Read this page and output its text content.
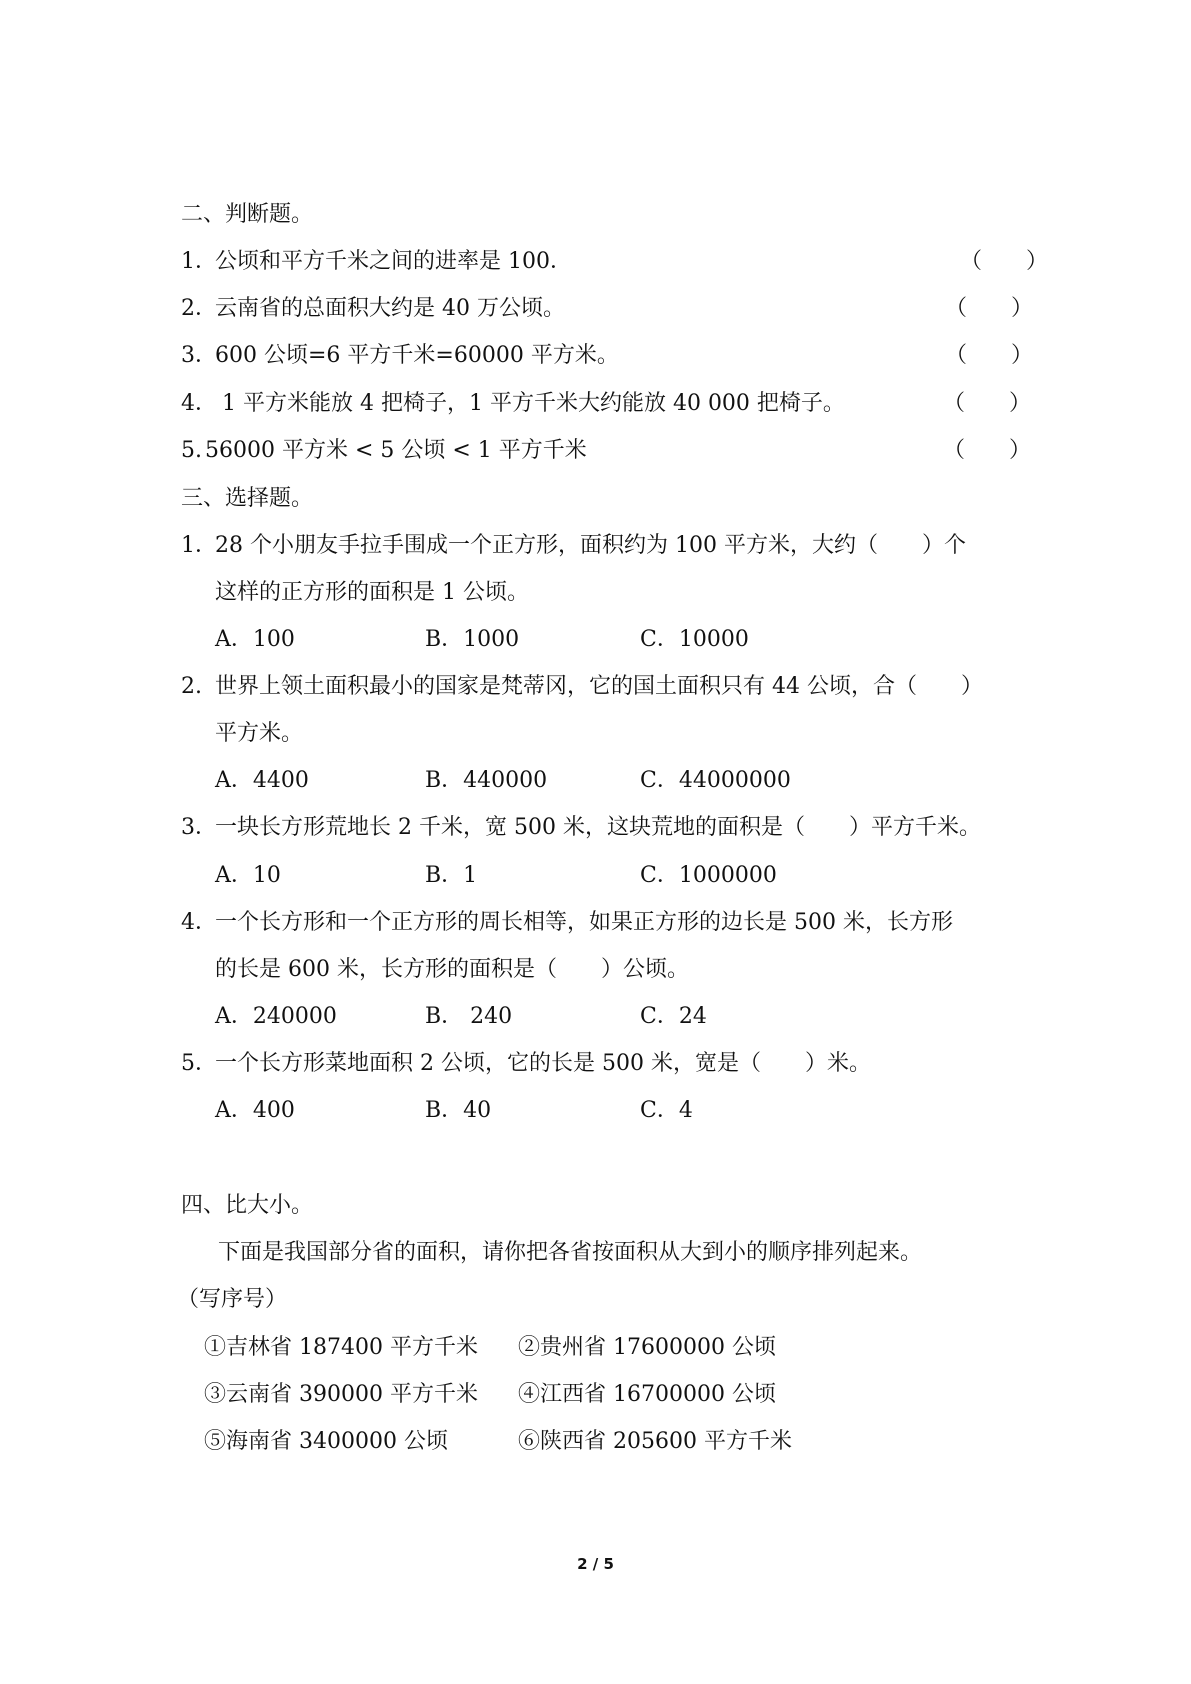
二、判断题。
1．公顷和平方千米之间的进率是 100．	（　　）
2．云南省的总面积大约是 40 万公顷。	（　　）
3．600 公顷=6 平方千米=60000 平方米。	（　　）
4． 1 平方米能放 4 把椅子，1 平方千米大约能放 40 000 把椅子。	（　　）
5. 56000 平方米 < 5 公顷 < 1 平方千米	（　　）
三、选择题。
1．28 个小朋友手拉手围成一个正方形，面积约为 100 平方米，大约（　　）个
这样的正方形的面积是 1 公顷。
A．100	B．1000	C．10000
2. 世界上领土面积最小的国家是梵蒂冈，它的国土面积只有 44 公顷，合（　　）
平方米。
A．4400	B．440000	C．44000000
3．一块长方形荒地长 2 千米，宽 500 米，这块荒地的面积是（　　）平方千米。
A．10	B．1	C．1000000
4．一个长方形和一个正方形的周长相等，如果正方形的边长是 500 米，长方形
的长是 600 米，长方形的面积是（　　）公顷。
A．240000	B． 240	C．24
5．一个长方形菜地面积 2 公顷，它的长是 500 米，宽是（　　）米。
A．400	B．40	C．4
四、比大小。
下面是我国部分省的面积，请你把各省按面积从大到小的顺序排列起来。
（写序号）
①吉林省 187400 平方千米 ②贵州省 17600000 公顷
③云南省 390000 平方千米 ④江西省 16700000 公顷
⑤海南省 3400000 公顷	⑥陕西省 205600 平方千米
2 / 5
